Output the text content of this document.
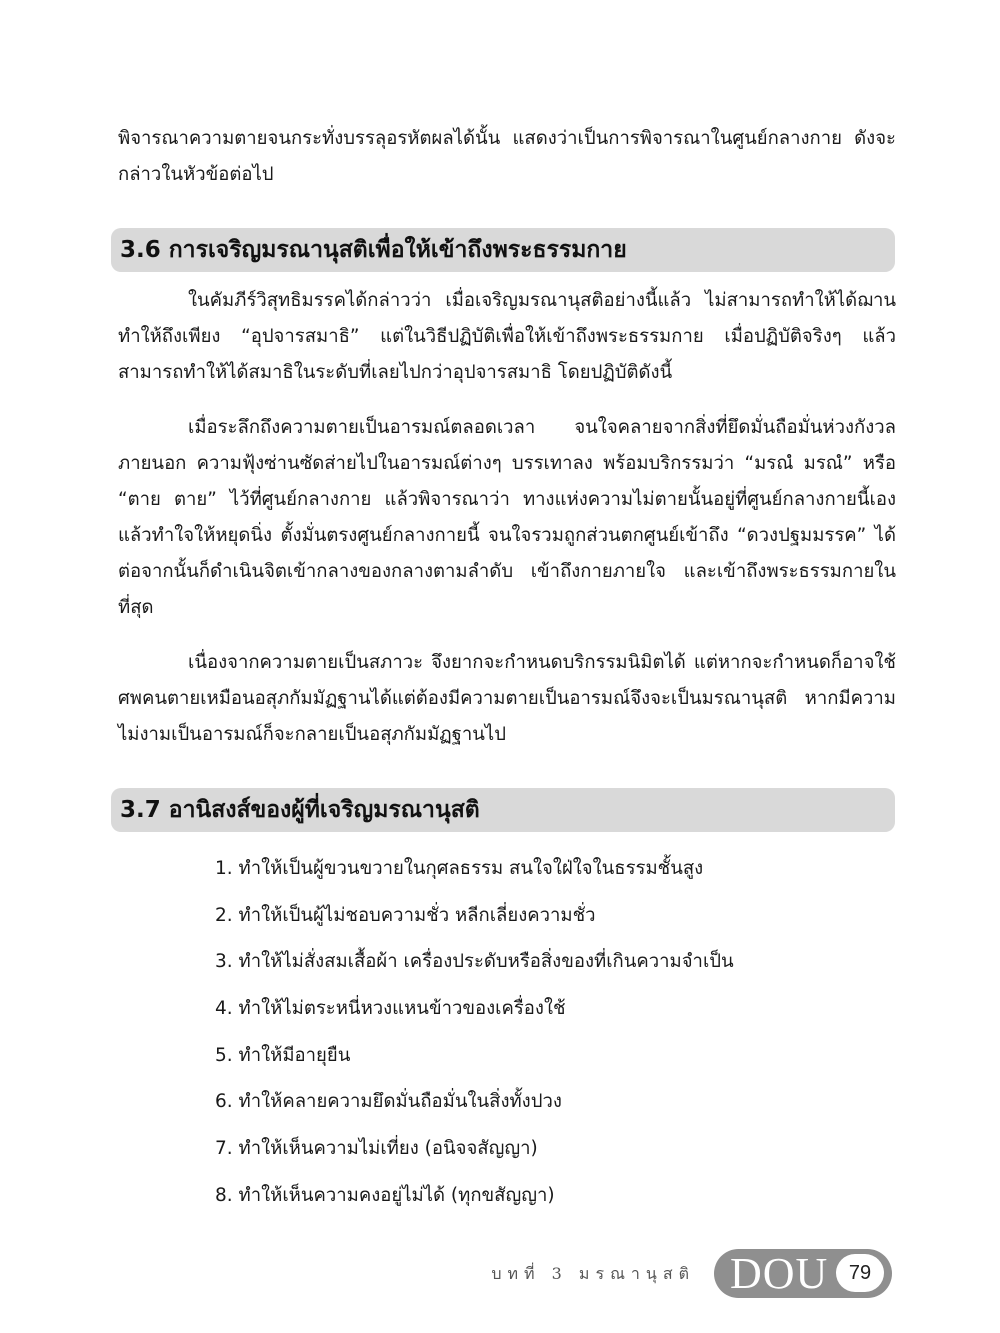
พิจารณาความตายจนกระทั่งบรรลุอรหัตผลได้นั้น แสดงว่าเป็นการพิจารณาในศูนย์กลางกาย ดังจะกล่าวในหัวข้อต่อไป

3.6 การเจริญมรณานุสติเพื่อให้เข้าถึงพระธรรมกาย

ในคัมภีร์วิสุทธิมรรคได้กล่าวว่า เมื่อเจริญมรณานุสติอย่างนี้แล้ว ไม่สามารถทำให้ได้ฌาน ทำให้ถึงเพียง “อุปจารสมาธิ” แต่ในวิธีปฏิบัติเพื่อให้เข้าถึงพระธรรมกาย เมื่อปฏิบัติจริงๆ แล้ว สามารถทำให้ได้สมาธิในระดับที่เลยไปกว่าอุปจารสมาธิ โดยปฏิบัติดังนี้

เมื่อระลึกถึงความตายเป็นอารมณ์ตลอดเวลา จนใจคลายจากสิ่งที่ยึดมั่นถือมั่นห่วงกังวลภายนอก ความฟุ้งซ่านซัดส่ายไปในอารมณ์ต่างๆ บรรเทาลง พร้อมบริกรรมว่า “มรณํ มรณํ” หรือ “ตาย ตาย” ไว้ที่ศูนย์กลางกาย แล้วพิจารณาว่า ทางแห่งความไม่ตายนั้นอยู่ที่ศูนย์กลางกายนี้เอง แล้วทำใจให้หยุดนิ่ง ตั้งมั่นตรงศูนย์กลางกายนี้ จนใจรวมถูกส่วนตกศูนย์เข้าถึง “ดวงปฐมมรรค” ได้ ต่อจากนั้นก็ดำเนินจิตเข้ากลางของกลางตามลำดับ เข้าถึงกายภายใจ และเข้าถึงพระธรรมกายในที่สุด

เนื่องจากความตายเป็นสภาวะ จึงยากจะกำหนดบริกรรมนิมิตได้ แต่หากจะกำหนดก็อาจใช้ศพคนตายเหมือนอสุภกัมมัฏฐานได้แต่ต้องมีความตายเป็นอารมณ์จึงจะเป็นมรณานุสติ หากมีความไม่งามเป็นอารมณ์ก็จะกลายเป็นอสุภกัมมัฏฐานไป

3.7 อานิสงส์ของผู้ที่เจริญมรณานุสติ
1. ทำให้เป็นผู้ขวนขวายในกุศลธรรม สนใจใฝ่ใจในธรรมชั้นสูง
2. ทำให้เป็นผู้ไม่ชอบความชั่ว หลีกเลี่ยงความชั่ว
3. ทำให้ไม่สั่งสมเสื้อผ้า เครื่องประดับหรือสิ่งของที่เกินความจำเป็น
4. ทำให้ไม่ตระหนี่หวงแหนข้าวของเครื่องใช้
5. ทำให้มีอายุยืน
6. ทำให้คลายความยึดมั่นถือมั่นในสิ่งทั้งปวง
7. ทำให้เห็นความไม่เที่ยง (อนิจจสัญญา)
8. ทำให้เห็นความคงอยู่ไม่ได้ (ทุกขสัญญา)
บทที่ 3 มรณานุสติ DOU	79
